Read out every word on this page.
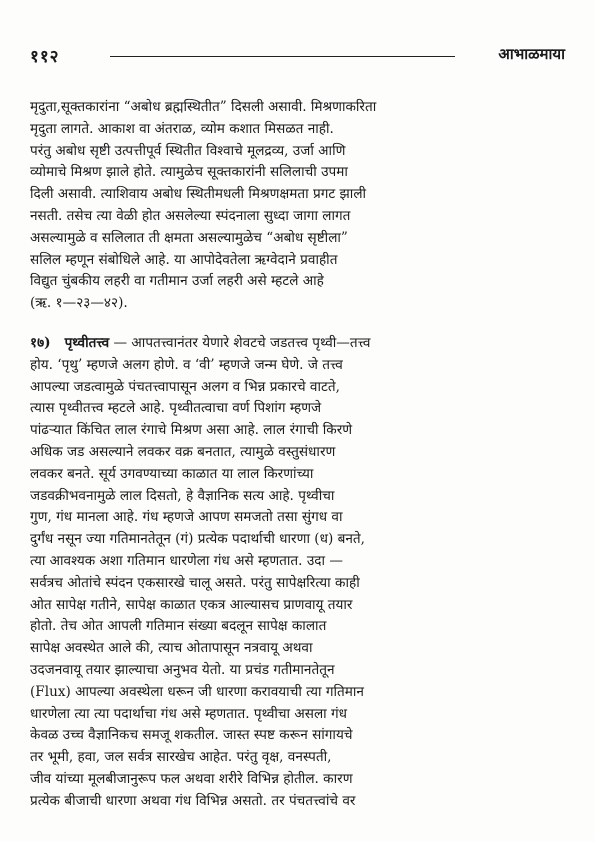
११२	आभाळमाया

मृदुता,सूक्तकारांना “अबोध ब्रह्मस्थितीत” दिसली असावी. मिश्रणाकरिता

मृदुता लागते. आकाश वा अंतराळ, व्योम कशात मिसळत नाही.

परंतु अबोध सृष्टी उत्पत्तीपूर्व स्थितीत विश्वाचे मूलद्रव्य, उर्जा आणि

व्योमाचे मिश्रण झाले होते. त्यामुळेच सूक्तकारांनी सलिलाची उपमा

दिली असावी. त्याशिवाय अबोध स्थितीमधली मिश्रणक्षमता प्रगट झाली

नसती. तसेच त्या वेळी होत असलेल्या स्पंदनाला सुध्दा जागा लागत

असल्यामुळे व सलिलात ती क्षमता असल्यामुळेच “अबोध सृष्टीला”

सलिल म्हणून संबोधिले आहे. या आपोदेवतेला ऋग्वेदाने प्रवाहीत

विद्युत चुंबकीय लहरी वा गतीमान उर्जा लहरी असे म्हटले आहे

(ऋ. १—२३—४२).

१७) पृथ्वीतत्त्व — आपतत्त्वानंतर येणारे शेवटचे जडतत्त्व पृथ्वी—तत्त्व

होय. ‘पृथु’ म्हणजे अलग होणे. व ‘वी’ म्हणजे जन्म घेणे. जे तत्त्व

आपल्या जडत्वामुळे पंचतत्त्वापासून अलग व भिन्न प्रकारचे वाटते,

त्यास पृथ्वीतत्त्व म्हटले आहे. पृथ्वीतत्वाचा वर्ण पिशांग म्हणजे

पांढऱ्यात किंचित लाल रंगाचे मिश्रण असा आहे. लाल रंगाची किरणे

अधिक जड असल्याने लवकर वक्र बनतात, त्यामुळे वस्तुसंधारण

लवकर बनते. सूर्य उगवण्याच्या काळात या लाल किरणांच्या

जडवक्रीभवनामुळे लाल दिसतो, हे वैज्ञानिक सत्य आहे. पृथ्वीचा

गुण, गंध मानला आहे. गंध म्हणजे आपण समजतो तसा सुंगध वा

दुर्गंध नसून ज्या गतिमानतेतून (गं) प्रत्येक पदार्थाची धारणा (ध) बनते,

त्या आवश्यक अशा गतिमान धारणेला गंध असे म्हणतात. उदा —

सर्वत्रच ओतांचे स्पंदन एकसारखे चालू असते. परंतु सापेक्षरित्या काही

ओत सापेक्ष गतीने, सापेक्ष काळात एकत्र आल्यासच प्राणवायू तयार

होतो. तेच ओत आपली गतिमान संख्या बदलून सापेक्ष कालात

सापेक्ष अवस्थेत आले की, त्याच ओतापासून नत्रवायू अथवा

उदजनवायू तयार झाल्याचा अनुभव येतो. या प्रचंड गतीमानतेतून

(Flux) आपल्या अवस्थेला धरून जी धारणा करावयाची त्या गतिमान

धारणेला त्या त्या पदार्थाचा गंध असे म्हणतात. पृथ्वीचा असला गंध

केवळ उच्च वैज्ञानिकच समजू शकतील. जास्त स्पष्ट करून सांगायचे

तर भूमी, हवा, जल सर्वत्र सारखेच आहेत. परंतु वृक्ष, वनस्पती,

जीव यांच्या मूलबीजानुरूप फल अथवा शरीरे विभिन्न होतील. कारण

प्रत्येक बीजाची धारणा अथवा गंध विभिन्न असतो. तर पंचतत्त्वांचे वर
